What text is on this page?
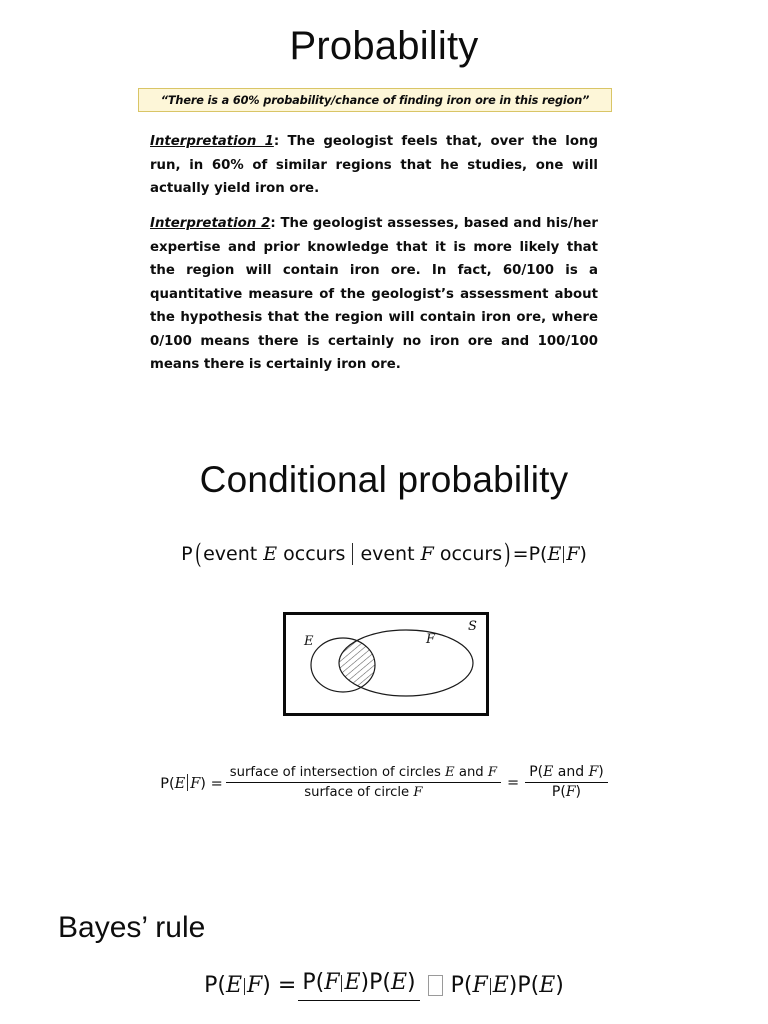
Probability
“There is a 60% probability/chance of finding iron ore in this region”
Interpretation 1: The geologist feels that, over the long run, in 60% of similar regions that he studies, one will actually yield iron ore.
Interpretation 2: The geologist assesses, based and his/her expertise and prior knowledge that it is more likely that the region will contain iron ore. In fact, 60/100 is a quantitative measure of the geologist’s assessment about the hypothesis that the region will contain iron ore, where 0/100 means there is certainly no iron ore and 100/100 means there is certainly iron ore.
Conditional probability
P( event E occurs event F occurs) =P(E F)
E	F
S
P(E $F) = \frac{\text{surface of intersection of circles E and F}}{\text{surface of circle F}} = \frac{\text{P(E and F)}}{P(F)}$
Bayes’ rule
P(E F) = P(F E)P(E) P(F E)P(E)
